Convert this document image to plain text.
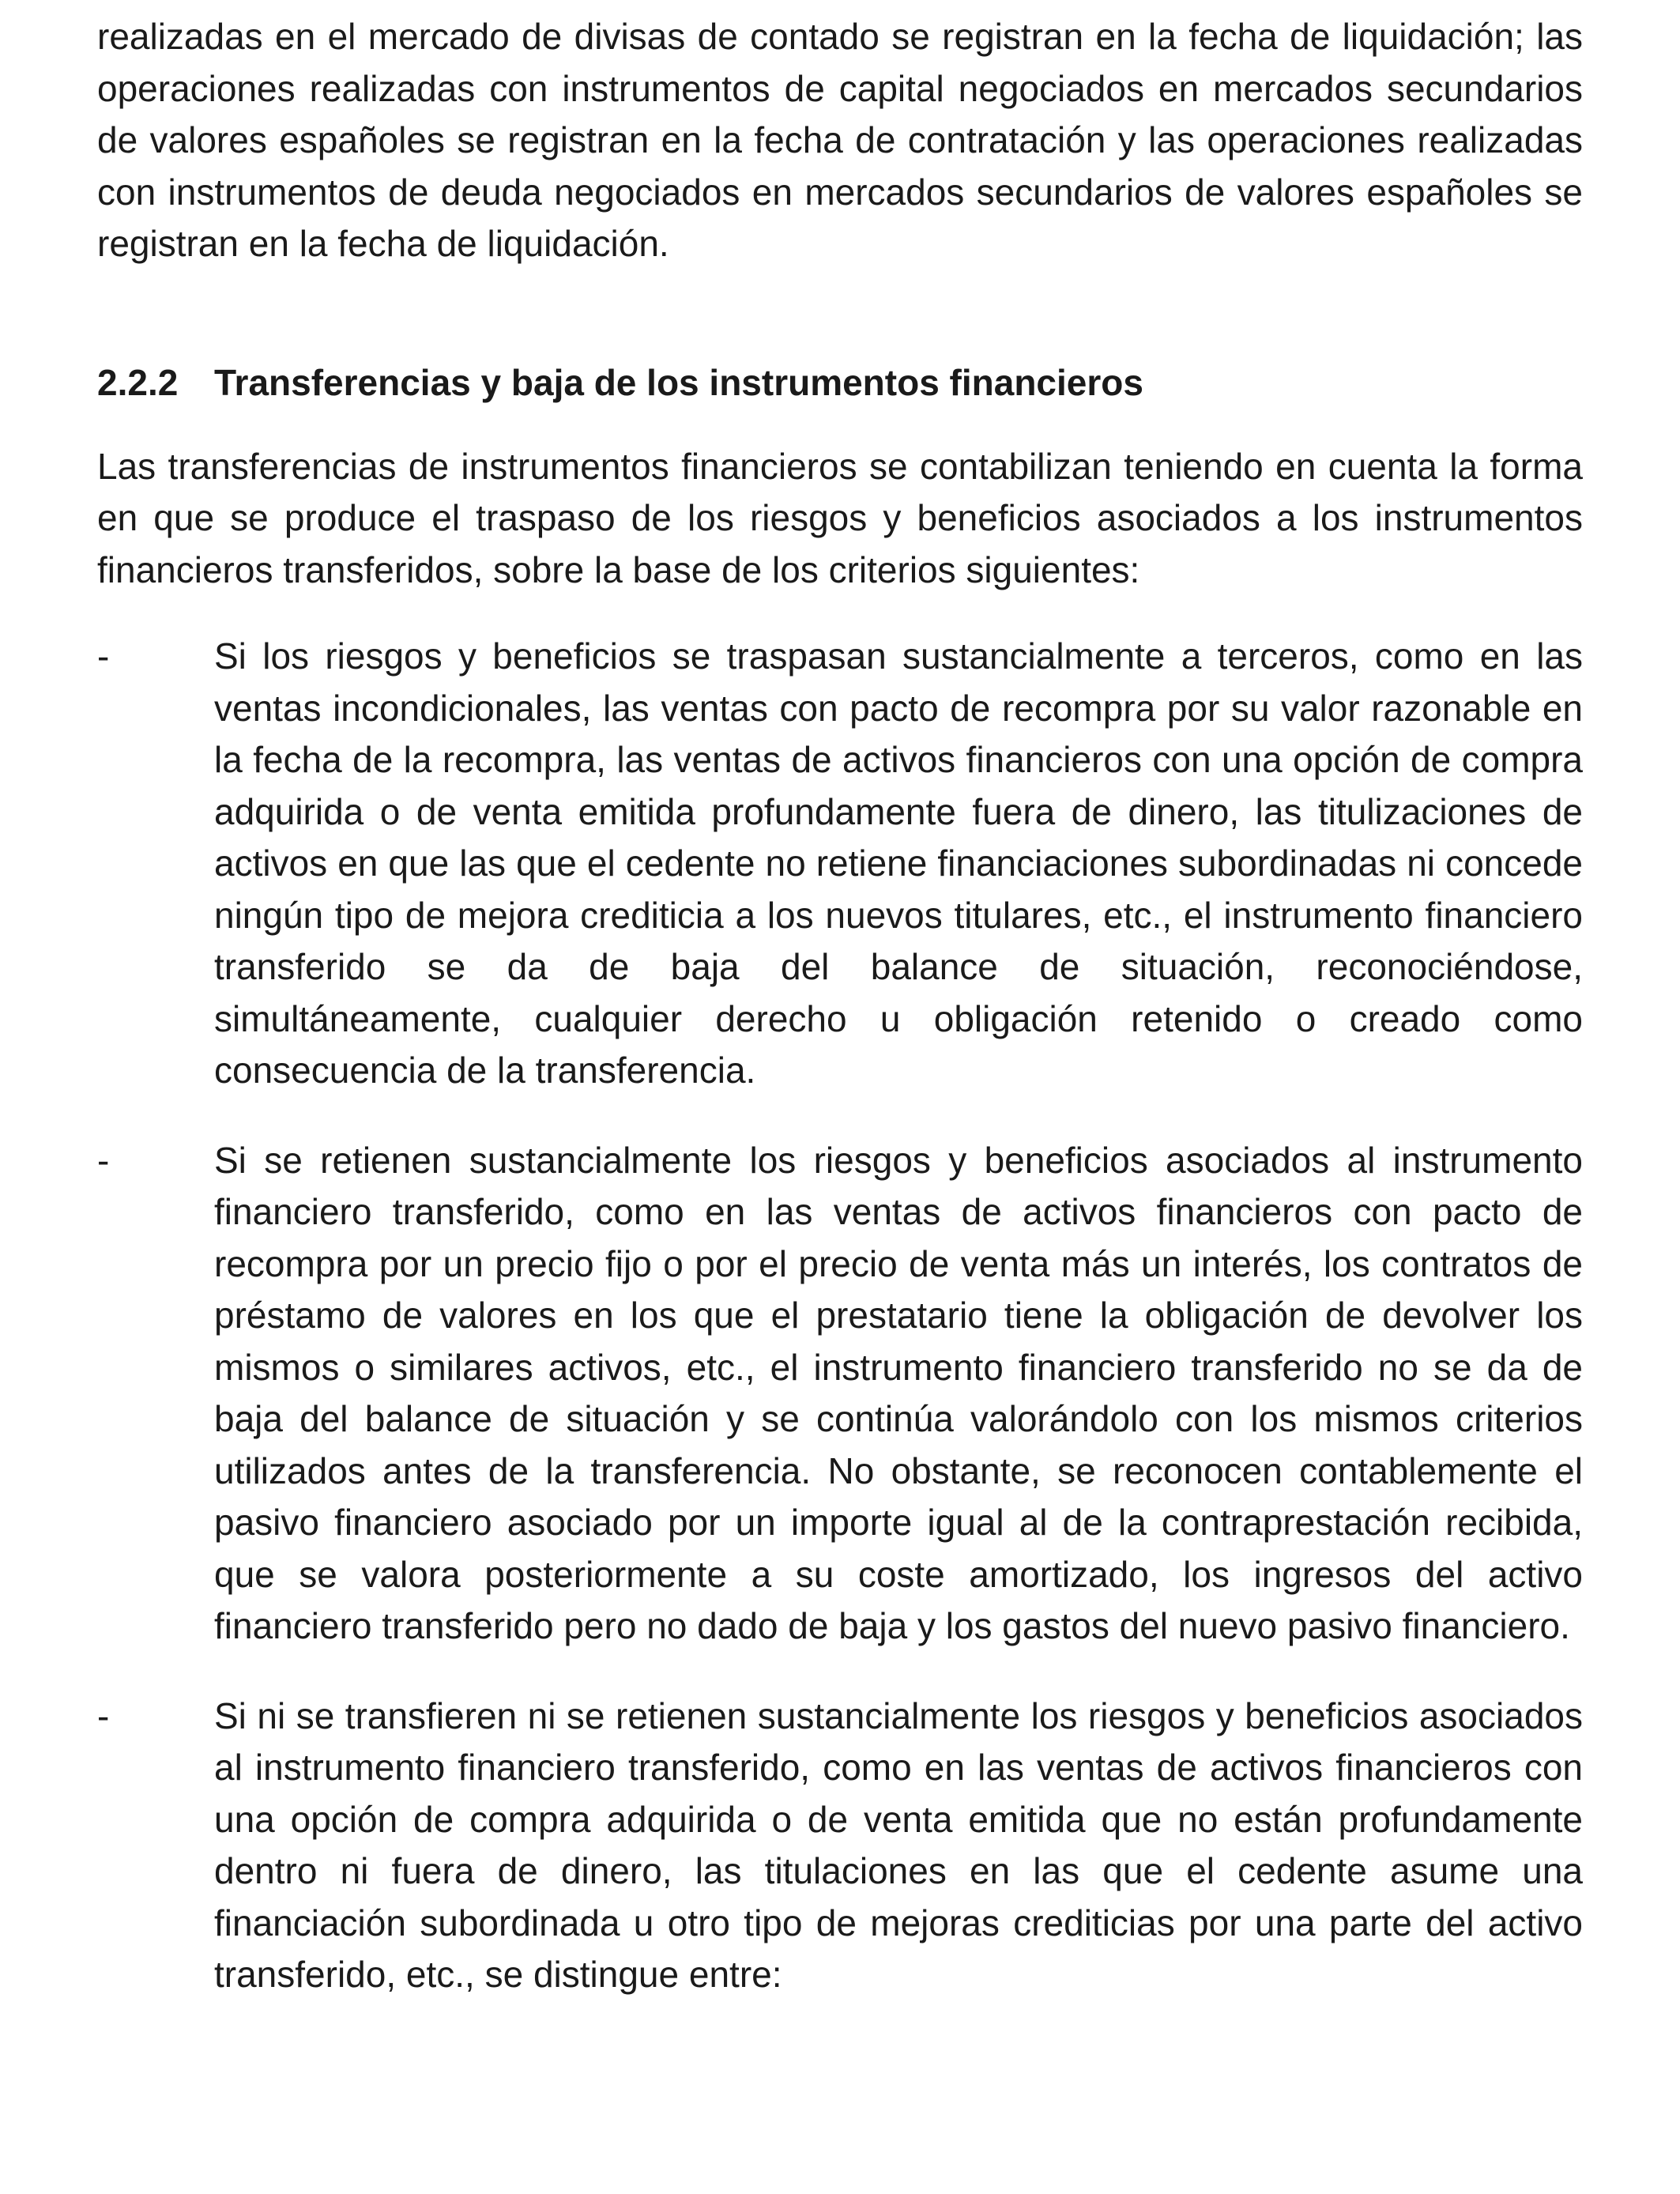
realizadas en el mercado de divisas de contado se registran en la fecha de liquidación; las operaciones realizadas con instrumentos de capital negociados en mercados secundarios de valores españoles se registran en la fecha de contratación y las operaciones realizadas con instrumentos de deuda negociados en mercados secundarios de valores españoles se registran en la fecha de liquidación.

2.2.2 Transferencias y baja de los instrumentos financieros

Las transferencias de instrumentos financieros se contabilizan teniendo en cuenta la forma en que se produce el traspaso de los riesgos y beneficios asociados a los instrumentos financieros transferidos, sobre la base de los criterios siguientes:

-	Si los riesgos y beneficios se traspasan sustancialmente a terceros, como en las ventas incondicionales, las ventas con pacto de recompra por su valor razonable en la fecha de la recompra, las ventas de activos financieros con una opción de compra adquirida o de venta emitida profundamente fuera de dinero, las titulizaciones de activos en que las que el cedente no retiene financiaciones subordinadas ni concede ningún tipo de mejora crediticia a los nuevos titulares, etc., el instrumento financiero transferido se da de baja del balance de situación, reconociéndose, simultáneamente, cualquier derecho u obligación retenido o creado como consecuencia de la transferencia.

-	Si se retienen sustancialmente los riesgos y beneficios asociados al instrumento financiero transferido, como en las ventas de activos financieros con pacto de recompra por un precio fijo o por el precio de venta más un interés, los contratos de préstamo de valores en los que el prestatario tiene la obligación de devolver los mismos o similares activos, etc., el instrumento financiero transferido no se da de baja del balance de situación y se continúa valorándolo con los mismos criterios utilizados antes de la transferencia. No obstante, se reconocen contablemente el pasivo financiero asociado por un importe igual al de la contraprestación recibida, que se valora posteriormente a su coste amortizado, los ingresos del activo financiero transferido pero no dado de baja y los gastos del nuevo pasivo financiero.

-	Si ni se transfieren ni se retienen sustancialmente los riesgos y beneficios asociados al instrumento financiero transferido, como en las ventas de activos financieros con una opción de compra adquirida o de venta emitida que no están profundamente dentro ni fuera de dinero, las titulaciones en las que el cedente asume una financiación subordinada u otro tipo de mejoras crediticias por una parte del activo transferido, etc., se distingue entre:
